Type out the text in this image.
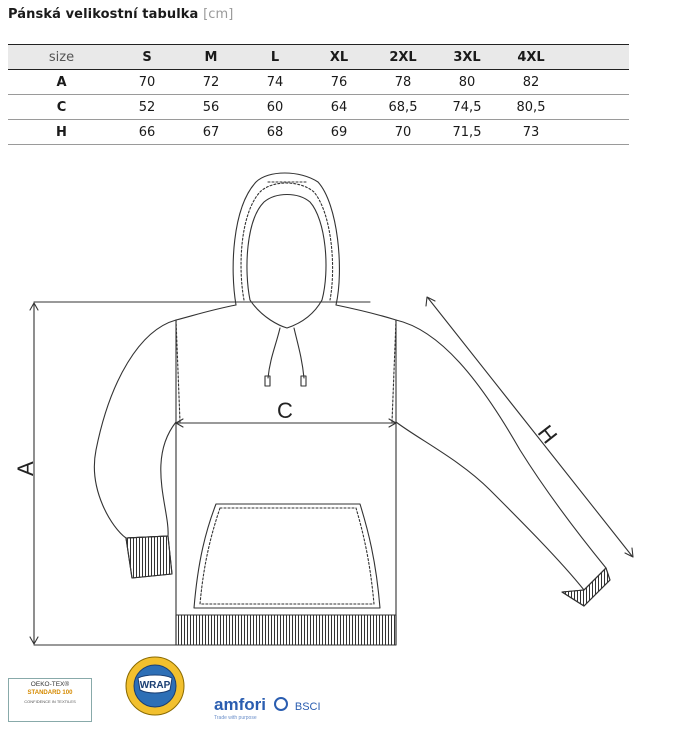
Pánská velikostní tabulka [cm]
size	S	M	L	XL	2XL	3XL	4XL	
A	70	72	74	76	78	80	82	
C	52	56	60	64	68,5	74,5	80,5	
H	66	67	68	69	70	71,5	73	
A
C
H
OEKO-TEX®
STANDARD 100
CONFIDENCE IN TEXTILES
WRAP
amfori	BSCI
Trade with purpose
